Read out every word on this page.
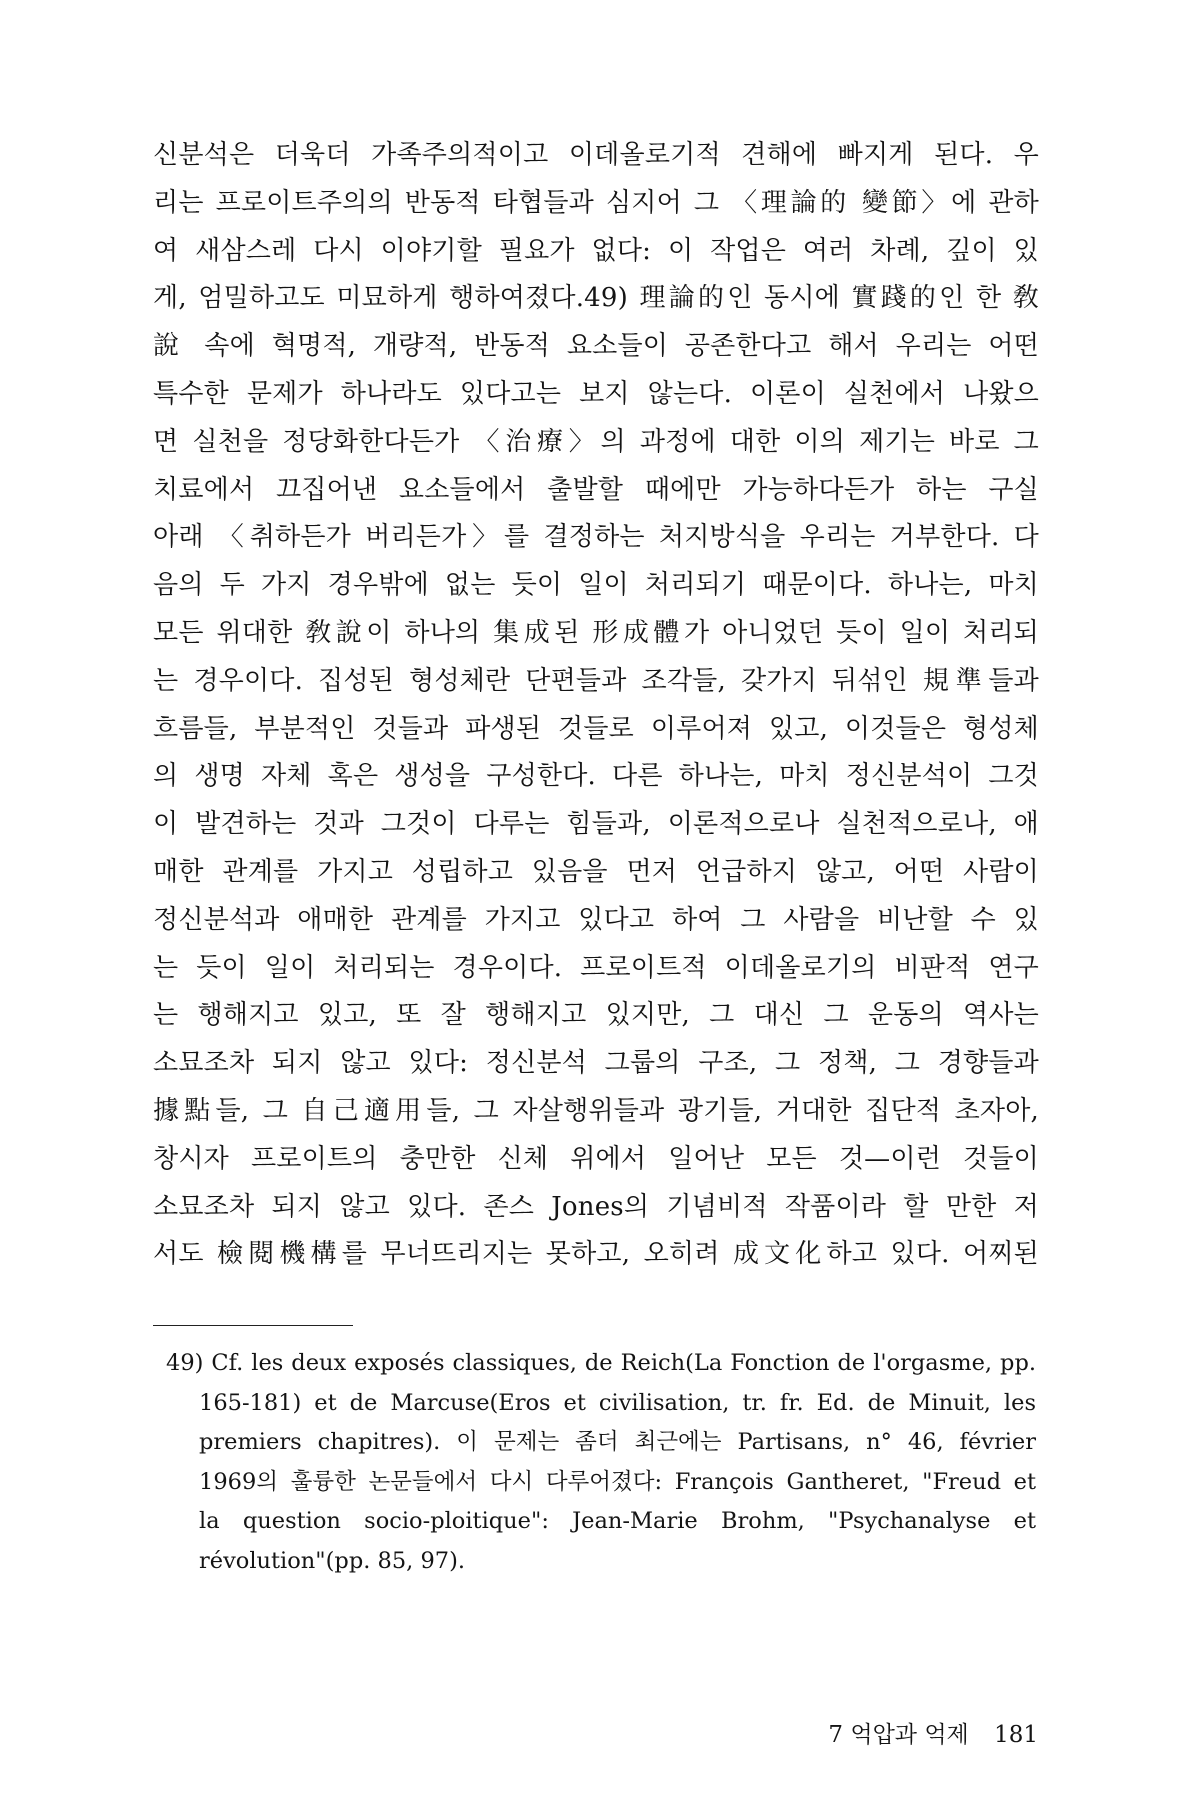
신분석은 더욱더 가족주의적이고 이데올로기적 견해에 빠지게 된다. 우
리는 프로이트주의의 반동적 타협들과 심지어 그 〈理論的 變節〉에 관하
여 새삼스레 다시 이야기할 필요가 없다: 이 작업은 여러 차례, 깊이 있
게, 엄밀하고도 미묘하게 행하여졌다.49) 理論的인 동시에 實踐的인 한 敎
說 속에 혁명적, 개량적, 반동적 요소들이 공존한다고 해서 우리는 어떤
특수한 문제가 하나라도 있다고는 보지 않는다. 이론이 실천에서 나왔으
면 실천을 정당화한다든가 〈治療〉의 과정에 대한 이의 제기는 바로 그
치료에서 끄집어낸 요소들에서 출발할 때에만 가능하다든가 하는 구실
아래 〈취하든가 버리든가〉를 결정하는 처지방식을 우리는 거부한다. 다
음의 두 가지 경우밖에 없는 듯이 일이 처리되기 때문이다. 하나는, 마치
모든 위대한 敎說이 하나의 集成된 形成體가 아니었던 듯이 일이 처리되
는 경우이다. 집성된 형성체란 단편들과 조각들, 갖가지 뒤섞인 規準들과
흐름들, 부분적인 것들과 파생된 것들로 이루어져 있고, 이것들은 형성체
의 생명 자체 혹은 생성을 구성한다. 다른 하나는, 마치 정신분석이 그것
이 발견하는 것과 그것이 다루는 힘들과, 이론적으로나 실천적으로나, 애
매한 관계를 가지고 성립하고 있음을 먼저 언급하지 않고, 어떤 사람이
정신분석과 애매한 관계를 가지고 있다고 하여 그 사람을 비난할 수 있
는 듯이 일이 처리되는 경우이다. 프로이트적 이데올로기의 비판적 연구
는 행해지고 있고, 또 잘 행해지고 있지만, 그 대신 그 운동의 역사는
소묘조차 되지 않고 있다: 정신분석 그룹의 구조, 그 정책, 그 경향들과
據點들, 그 自己適用들, 그 자살행위들과 광기들, 거대한 집단적 초자아,
창시자 프로이트의 충만한 신체 위에서 일어난 모든 것—이런 것들이
소묘조차 되지 않고 있다. 존스 Jones의 기념비적 작품이라 할 만한 저
서도 檢閱機構를 무너뜨리지는 못하고, 오히려 成文化하고 있다. 어찌된
49) Cf. les deux exposés classiques, de Reich(La Fonction de l'orgasme, pp.
165-181) et de Marcuse(Eros et civilisation, tr. fr. Ed. de Minuit, les
premiers chapitres). 이 문제는 좀더 최근에는 Partisans, n° 46, février
1969의 훌륭한 논문들에서 다시 다루어졌다: François Gantheret, "Freud et
la question socio-ploitique": Jean-Marie Brohm, "Psychanalyse et
révolution"(pp. 85, 97).
7 억압과 억제 181
